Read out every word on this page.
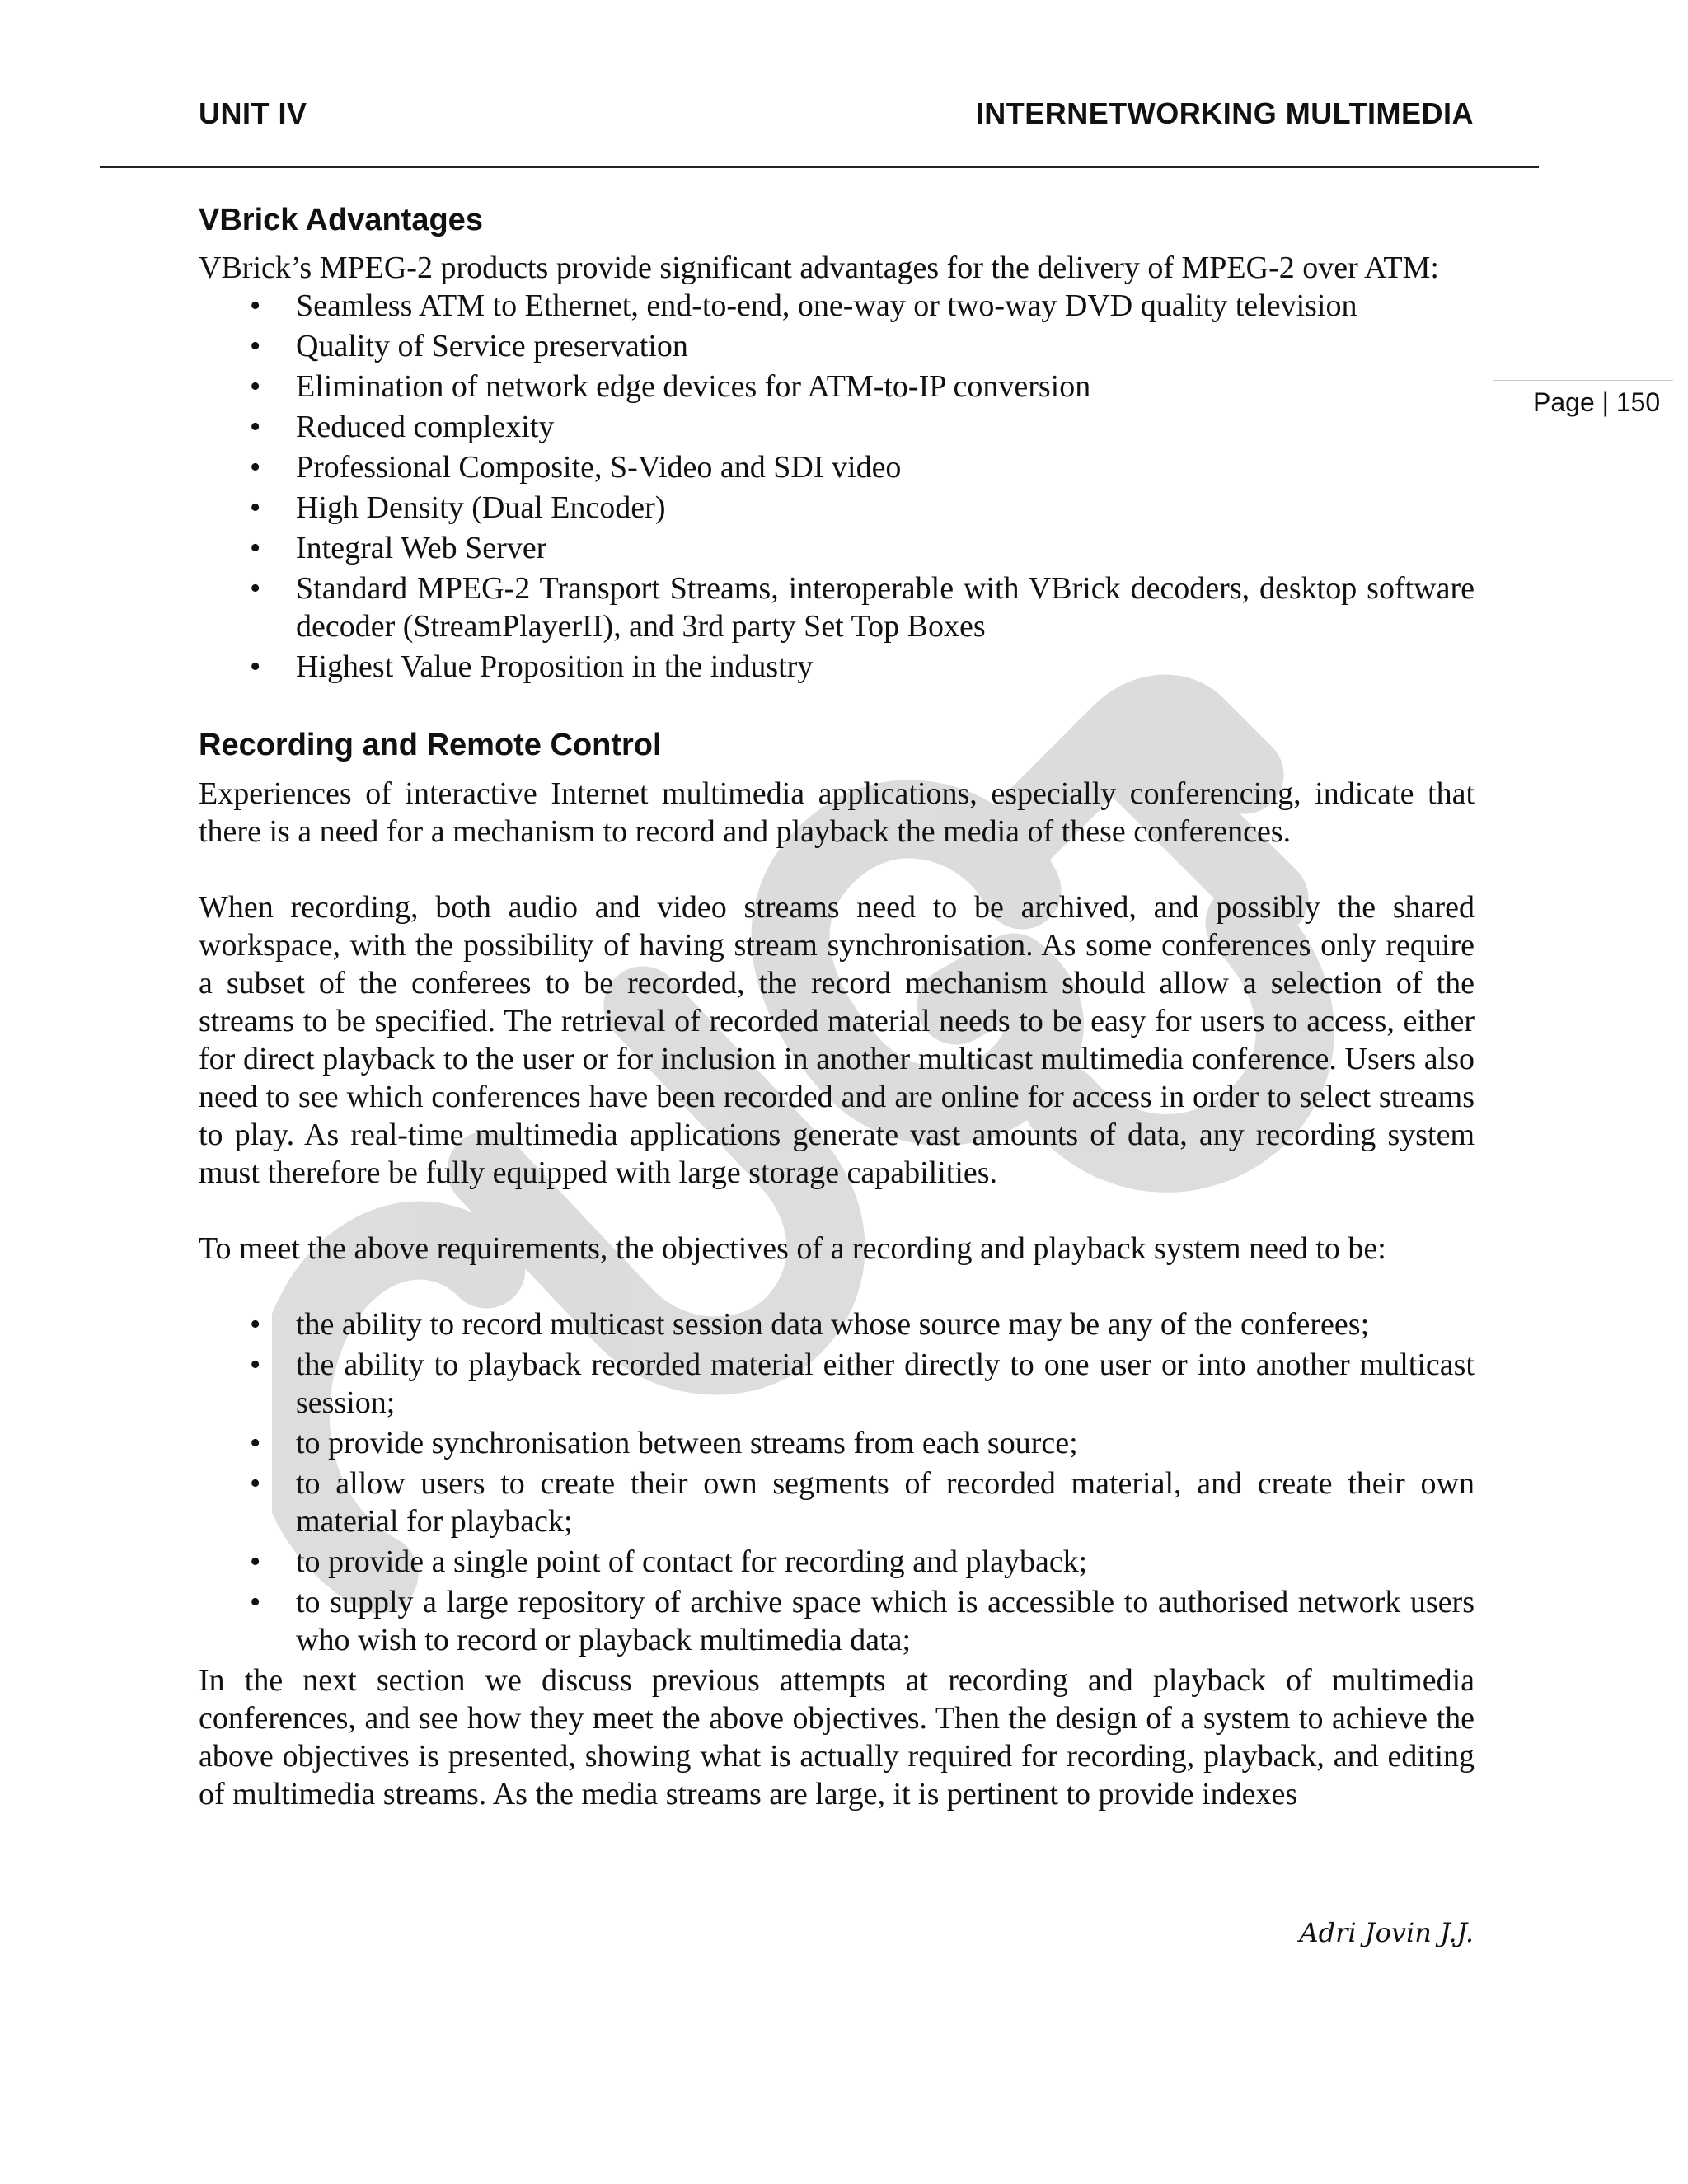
UNIT IV	INTERNETWORKING MULTIMEDIA
Page | 150
VBrick Advantages

VBrick’s MPEG-2 products provide significant advantages for the delivery of MPEG-2 over ATM:

• Seamless ATM to Ethernet, end-to-end, one-way or two-way DVD quality television
• Quality of Service preservation
• Elimination of network edge devices for ATM-to-IP conversion
• Reduced complexity
• Professional Composite, S-Video and SDI video
• High Density (Dual Encoder)
• Integral Web Server
• Standard MPEG-2 Transport Streams, interoperable with VBrick decoders, desktop software decoder (StreamPlayerII), and 3rd party Set Top Boxes
• Highest Value Proposition in the industry
Recording and Remote Control

Experiences of interactive Internet multimedia applications, especially conferencing, indicate that there is a need for a mechanism to record and playback the media of these conferences.

When recording, both audio and video streams need to be archived, and possibly the shared workspace, with the possibility of having stream synchronisation. As some conferences only require a subset of the conferees to be recorded, the record mechanism should allow a selection of the streams to be specified. The retrieval of recorded material needs to be easy for users to access, either for direct playback to the user or for inclusion in another multicast multimedia conference. Users also need to see which conferences have been recorded and are online for access in order to select streams to play. As real-time multimedia applications generate vast amounts of data, any recording system must therefore be fully equipped with large storage capabilities.

To meet the above requirements, the objectives of a recording and playback system need to be:

• the ability to record multicast session data whose source may be any of the conferees;
• the ability to playback recorded material either directly to one user or into another multicast session;
• to provide synchronisation between streams from each source;
• to allow users to create their own segments of recorded material, and create their own material for playback;
• to provide a single point of contact for recording and playback;
• to supply a large repository of archive space which is accessible to authorised network users who wish to record or playback multimedia data;

In the next section we discuss previous attempts at recording and playback of multimedia conferences, and see how they meet the above objectives. Then the design of a system to achieve the above objectives is presented, showing what is actually required for recording, playback, and editing of multimedia streams. As the media streams are large, it is pertinent to provide indexes

Adri Jovin J.J.
